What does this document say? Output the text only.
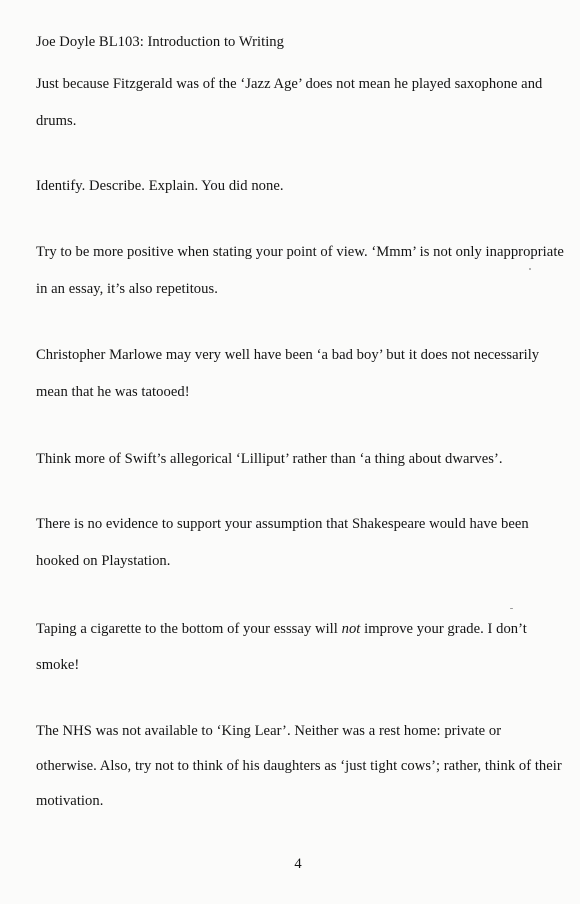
Joe Doyle BL103: Introduction to Writing
Just because Fitzgerald was of the ‘Jazz Age’ does not mean he played saxophone and
drums.
Identify. Describe. Explain. You did none.
Try to be more positive when stating your point of view. ‘Mmm’ is not only inappropriate
in an essay, it’s also repetitous.
Christopher Marlowe may very well have been ‘a bad boy’ but it does not necessarily
mean that he was tatooed!
Think more of Swift’s allegorical ‘Lilliput’ rather than ‘a thing about dwarves’.
There is no evidence to support your assumption that Shakespeare would have been
hooked on Playstation.
Taping a cigarette to the bottom of your esssay will not improve your grade. I don’t
smoke!
The NHS was not available to ‘King Lear’. Neither was a rest home: private or
otherwise. Also, try not to think of his daughters as ‘just tight cows’; rather, think of their
motivation.
4
